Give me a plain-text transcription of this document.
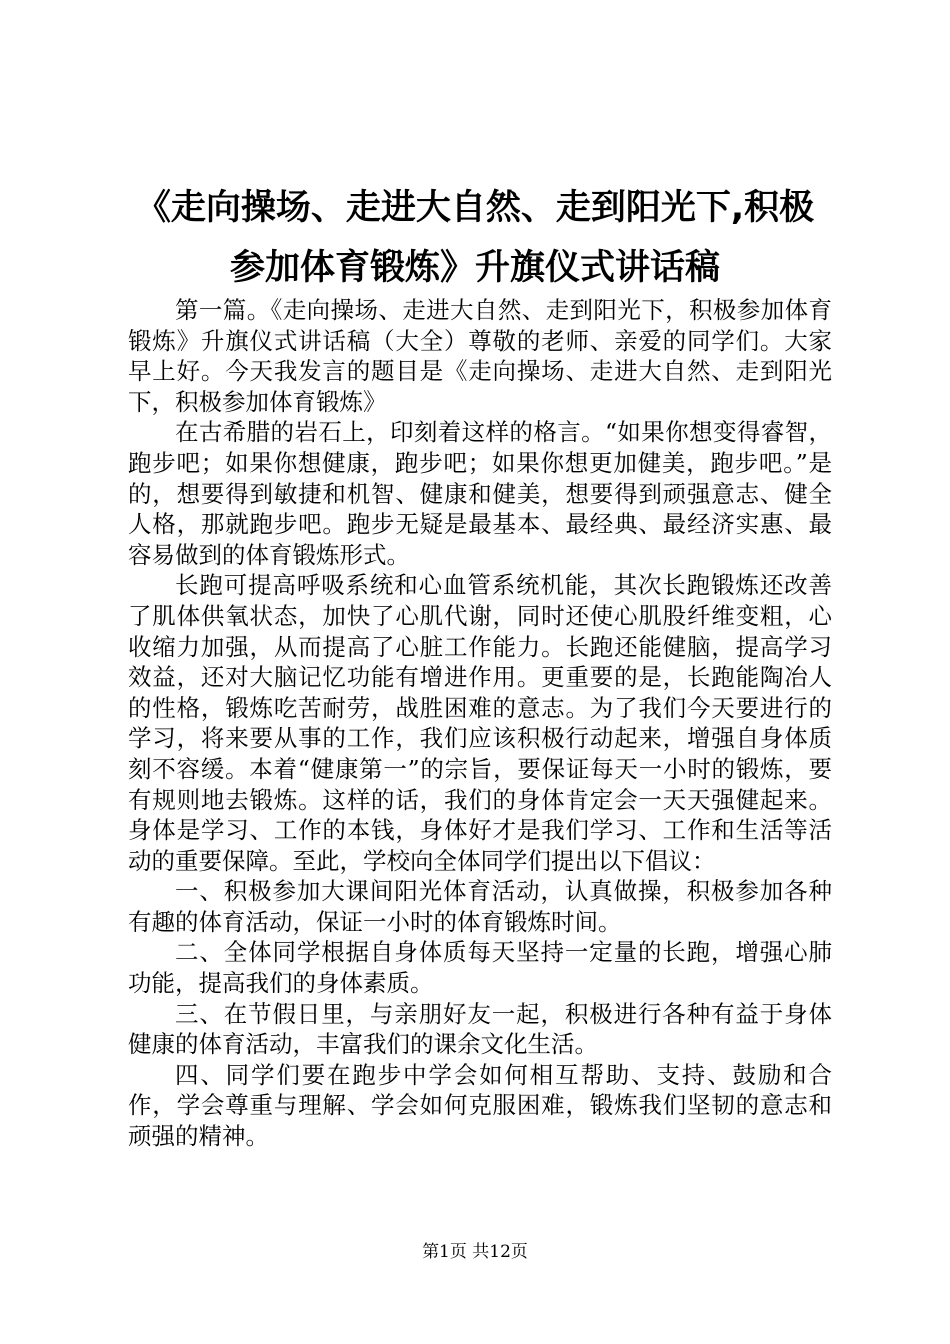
《走向操场、走进大自然、走到阳光下,积极
参加体育锻炼》升旗仪式讲话稿

第一篇。《走向操场、走进大自然、走到阳光下，积极参加体育锻炼》升旗仪式讲话稿（大全）尊敬的老师、亲爱的同学们。大家早上好。今天我发言的题目是《走向操场、走进大自然、走到阳光下，积极参加体育锻炼》

在古希腊的岩石上，印刻着这样的格言。“如果你想变得睿智，跑步吧；如果你想健康，跑步吧；如果你想更加健美，跑步吧。”是的，想要得到敏捷和机智、健康和健美，想要得到顽强意志、健全人格，那就跑步吧。跑步无疑是最基本、最经典、最经济实惠、最容易做到的体育锻炼形式。

长跑可提高呼吸系统和心血管系统机能，其次长跑锻炼还改善了肌体供氧状态，加快了心肌代谢，同时还使心肌股纤维变粗，心收缩力加强，从而提高了心脏工作能力。长跑还能健脑，提高学习效益，还对大脑记忆功能有增进作用。更重要的是，长跑能陶冶人的性格，锻炼吃苦耐劳，战胜困难的意志。为了我们今天要进行的学习，将来要从事的工作，我们应该积极行动起来，增强自身体质刻不容缓。本着“健康第一”的宗旨，要保证每天一小时的锻炼，要有规则地去锻炼。这样的话，我们的身体肯定会一天天强健起来。身体是学习、工作的本钱，身体好才是我们学习、工作和生活等活动的重要保障。至此，学校向全体同学们提出以下倡议：

一、积极参加大课间阳光体育活动，认真做操，积极参加各种有趣的体育活动，保证一小时的体育锻炼时间。

二、全体同学根据自身体质每天坚持一定量的长跑，增强心肺功能，提高我们的身体素质。

三、在节假日里，与亲朋好友一起，积极进行各种有益于身体健康的体育活动，丰富我们的课余文化生活。

四、同学们要在跑步中学会如何相互帮助、支持、鼓励和合作，学会尊重与理解、学会如何克服困难，锻炼我们坚韧的意志和顽强的精神。

第1页 共12页
